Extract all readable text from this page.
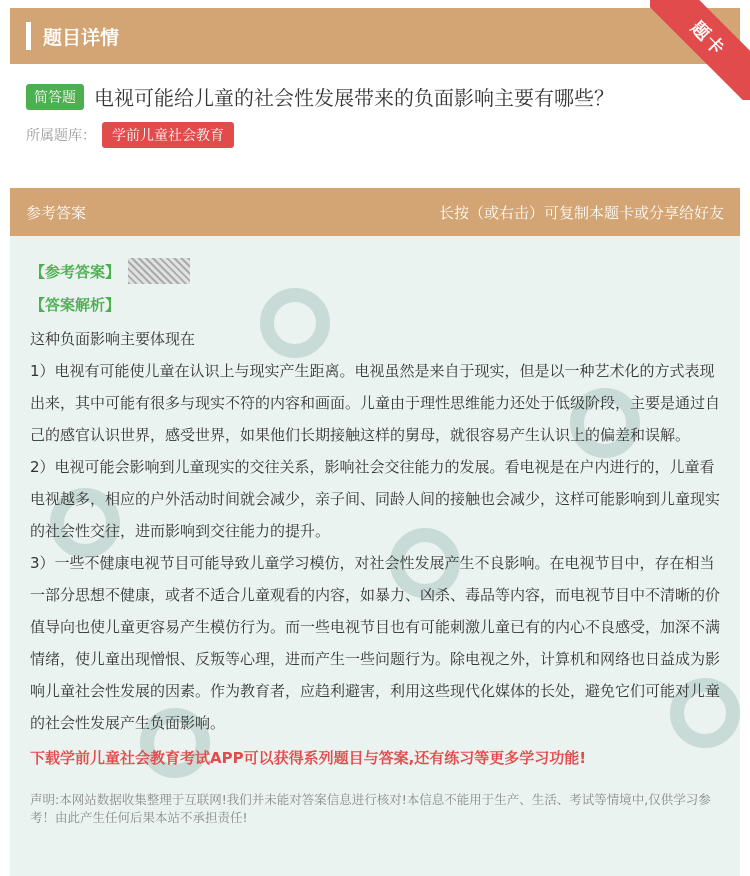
题目详情	题卡
简答题 电视可能给儿童的社会性发展带来的负面影响主要有哪些？
所属题库：	学前儿童社会教育
参考答案	长按（或右击）可复制本题卡或分享给好友
【参考答案】
【答案解析】
这种负面影响主要体现在
1）电视有可能使儿童在认识上与现实产生距离。电视虽然是来自于现实，但是以一种艺术化的方式表现出来，其中可能有很多与现实不符的内容和画面。儿童由于理性思维能力还处于低级阶段，主要是通过自己的感官认识世界，感受世界，如果他们长期接触这样的舅母，就很容易产生认识上的偏差和误解。
2）电视可能会影响到儿童现实的交往关系，影响社会交往能力的发展。看电视是在户内进行的，儿童看电视越多，相应的户外活动时间就会减少，亲子间、同龄人间的接触也会减少，这样可能影响到儿童现实的社会性交往，进而影响到交往能力的提升。
3）一些不健康电视节目可能导致儿童学习模仿，对社会性发展产生不良影响。在电视节目中，存在相当一部分思想不健康，或者不适合儿童观看的内容，如暴力、凶杀、毒品等内容，而电视节目中不清晰的价值导向也使儿童更容易产生模仿行为。而一些电视节目也有可能刺激儿童已有的内心不良感受，加深不满情绪，使儿童出现憎恨、反叛等心理，进而产生一些问题行为。除电视之外，计算机和网络也日益成为影响儿童社会性发展的因素。作为教育者，应趋利避害，利用这些现代化媒体的长处，避免它们可能对儿童的社会性发展产生负面影响。
下载学前儿童社会教育考试APP可以获得系列题目与答案,还有练习等更多学习功能!
声明:本网站数据收集整理于互联网!我们并未能对答案信息进行核对!本信息不能用于生产、生活、考试等情境中,仅供学习参考！由此产生任何后果本站不承担责任!
